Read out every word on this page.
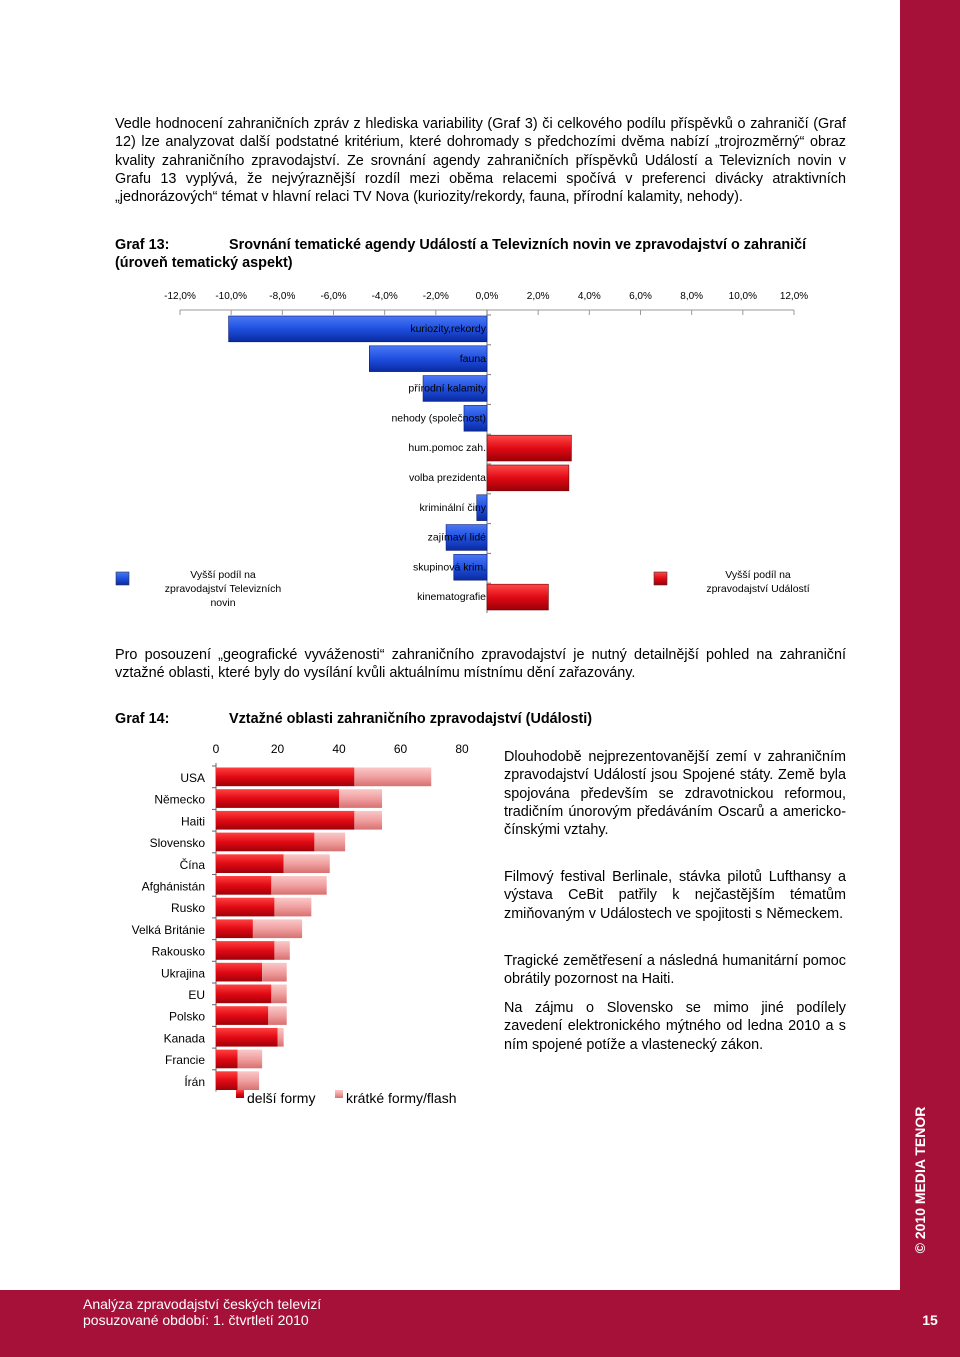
© 2010 MEDIA TENOR
Vedle hodnocení zahraničních zpráv z hlediska variability (Graf 3) či celkového podílu příspěvků o zahraničí (Graf 12) lze analyzovat další podstatné kritérium, které dohromady s předchozími dvěma nabízí „trojrozměrný“ obraz kvality zahraničního zpravodajství. Ze srovnání agendy zahraničních příspěvků Událostí a Televizních novin v Grafu 13 vyplývá, že nejvýraznější rozdíl mezi oběma relacemi spočívá v preferenci divácky atraktivních „jednorázových“ témat v hlavní relaci TV Nova (kuriozity/rekordy, fauna, přírodní kalamity, nehody).
Graf 13:	Srovnání tematické agendy Událostí a Televizních novin ve zpravodajství o zahraničí (úroveň tematický aspekt)
-12,0% -10,0% -8,0%	-6,0%	-4,0%	-2,0%	0,0%	2,0%	4,0%	6,0%	8,0%	10,0% 12,0%
kuriozity,rekordy
fauna
přírodní kalamity
nehody (společnost)
hum.pomoc zah.
volba prezidenta
kriminální činy
zajímaví lidé
skupinová krim.
kinematografie
Vyšší podíl na
zpravodajství Televizních
novin
Vyšší podíl na
zpravodajství Událostí
Pro posouzení „geografické vyváženosti“ zahraničního zpravodajství je nutný detailnější pohled na zahraniční vztažné oblasti, které byly do vysílání kvůli aktuálnímu místnímu dění zařazovány.
Graf 14:	Vztažné oblasti zahraničního zpravodajství (Události)
0	20	40	60	80
USA
Německo
Haiti
Slovensko
Čína
Afghánistán
Rusko
Velká Británie
Rakousko
Ukrajina
EU
Polsko
Kanada
Francie
Írán
delší formy krátké formy/flash
Dlouhodobě nejprezentovanější zemí v zahraničním zpravodajství Událostí jsou Spojené státy. Země byla spojována především se zdravotnickou reformou, tradičním únorovým předáváním Oscarů a americko-čínskými vztahy.
Filmový festival Berlinale, stávka pilotů Lufthansy a výstava CeBit patřily k nejčastějším tématům zmiňovaným v Událostech ve spojitosti s Německem.
Tragické zemětřesení a následná humanitární pomoc obrátily pozornost na Haiti.
Na zájmu o Slovensko se mimo jiné podílely zavedení elektronického mýtného od ledna 2010 a s ním spojené potíže a vlastenecký zákon.
Analýza zpravodajství českých televizí
posuzované období: 1. čtvrtletí 2010	15
